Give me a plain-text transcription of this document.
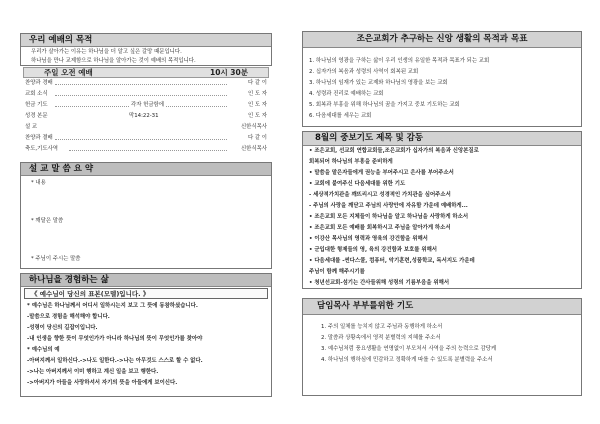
우리 예배의 목적
우리가 살아가는 이유는 하나님을 더 알고 싶은 갈망 때문입니다.
하나님을 만나 교제함으로 하나님을 알아가는 것이 예배의 목적입니다.
주일 오전 예배	10시 30분
찬양과 경배	다 같 이
교회 소식	인 도 자
헌금 기도	각자 헌금함에	인 도 자
성경 본문	막14:22-31	인 도 자
설 교	신한식목사
찬양과 결배	다 같 이
축도,기도사역	신한식목사
설 교 말 씀 요 약
* 내용
* 깨달은 말씀
* 주님이 주시는 말씀
하나님을 경험하는 삶
《 예수님이 당신의 표본(모델)입니다. 》
* 예수님은 하나님께서 어디서 일하시는지 보고 그 뜻에 동참하셨습니다.
-말씀으로 경험을 해석해야 합니다.
-성령이 당신의 길잡이입니다.
-내 인생을 향한 뜻이 무엇인가가 아니라 하나님의 뜻이 무엇인가를 찾아야
* 예수님의 예
-아버지께서 일하신다.->나도 일한다.->나는 아무것도 스스로 할 수 없다.
->나는 아버지께서 이미 행하고 계신 일을 보고 행한다.
->아버지가 아들을 사랑하셔서 자기의 뜻을 아들에게 보이신다.
조은교회가 추구하는 신앙 생활의 목적과 목표
1. 하나님의 영광을 구하는 삶이 우리 인생의 유일한 목적과 목표가 되는 교회
2. 십자가의 복음과 성령의 사역이 회복된 교회
3. 하나님의 임재가 있는 교제와 하나님의 영광을 보는 교회
4. 성령과 진리로 예배하는 교회
5. 회복과 부흥을 위해 하나님의 꿈을 가지고 중보 기도하는 교회
6. 다음세대를 세우는 교회
8월의 중보기도 제목 및 감동
• 조은교회, 선교회 연합교회들,조은교회가 십자가의 복음과 신앙본질로
회복되어 하나님의 부흥을 준비하게
• 말씀을 맡은자들에게 권능을 부어주시고 은사를 부어주소서
• 교회에 붙여주신 다음세대를 위한 기도
- 세상적가치관을 깨뜨리시고 성경적인 가치관을 심어주소서
- 주님의 사랑을 깨닫고 주님의 사랑안에 자유함 가운데 예배하게...
• 조은교회 모든 지체들이 하나님을 알고 하나님을 사랑하게 하소서
• 조은교회 모든 예배를 회복하시고 주님을 알아가게 하소서
• 이강산 목사님의 영력과 영육의 강건함을 위해서
• 군입대한 형제들의 영, 육의 강건함과 보호를 위해서
• 다음세대를 -썬다스쿨, 컴퓨터, 악기훈련,성품학교, 독서지도 가운데
주님이 함께 해주시기를
• 청년선교회-섬기는 간사들위해 성령의 기름부음을 위해서
담임목사 부부를위한 기도
1. 주의 일체를 능치지 않고 주님과 동행하게 하소서
2. 말씀과 상황속에서 영적 분별력의 지혜를 주소서
3. 예수님처럼 풍요생활을 연명없이 부모처서 사역을 주의 능력으로 감당케
4. 하나님의 행하심에 민감하고 정확하게 따를 수 있도록 분별력을 주소서
